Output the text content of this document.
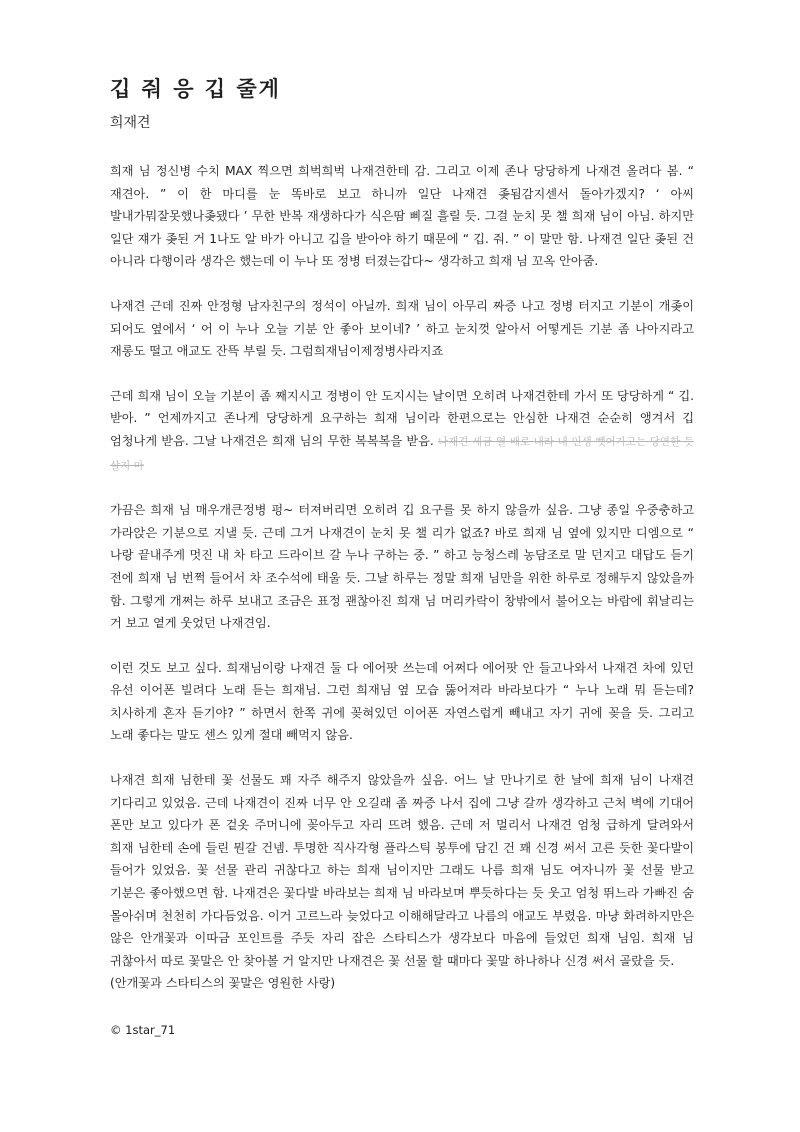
깁 줘 응 깁 줄게
희재견

희재 님 정신병 수치 MAX 찍으면 희벅희벅 나재견한테 감. 그리고 이제 존나 당당하게 나재견 올려다 봄. “ 재견아. ” 이 한 마디를 눈 똑바로 보고 하니까 일단 나재견 좆됨감지센서 돌아가겠지? ‘ 아씨 발내가뭐잘못했나좆됐다 ’ 무한 반복 재생하다가 식은땀 삐질 흘릴 듯. 그걸 눈치 못 챌 희재 님이 아님. 하지만 일단 쟤가 좆된 거 1나도 알 바가 아니고 깁을 받아야 하기 때문에 “ 깁. 줘. ” 이 말만 함. 나재견 일단 좆된 건 아니라 다행이라 생각은 했는데 이 누나 또 정병 터졌는갑다~ 생각하고 희재 님 꼬옥 안아줌.

나재견 근데 진짜 안정형 남자친구의 정석이 아닐까. 희재 님이 아무리 짜증 나고 정병 터지고 기분이 개좆이 되어도 옆에서 ‘ 어 이 누나 오늘 기분 안 좋아 보이네? ’ 하고 눈치껏 알아서 어떻게든 기분 좀 나아지라고 재롱도 떨고 애교도 잔뜩 부릴 듯. 그럼희재님이제정병사라지죠

근데 희재 님이 오늘 기분이 좀 째지시고 정병이 안 도지시는 날이면 오히려 나재견한테 가서 또 당당하게 “ 깁. 받아. ” 언제까지고 존나게 당당하게 요구하는 희재 님이라 한편으로는 안심한 나재견 순순히 앵겨서 깁 엄청나게 받음. 그날 나재견은 희재 님의 무한 복복복을 받음. 나재견 세금 열 배로 내라 내 인생 뺏어가고는 당연한 듯 살지 마

가끔은 희재 님 매우개큰정병 펑~ 터져버리면 오히려 깁 요구를 못 하지 않을까 싶음. 그냥 종일 우중충하고 가라앉은 기분으로 지낼 듯. 근데 그거 나재견이 눈치 못 챌 리가 없죠? 바로 희재 님 옆에 있지만 디엠으로 “ 나랑 끝내주게 멋진 내 차 타고 드라이브 갈 누나 구하는 중. ” 하고 능청스레 농담조로 말 던지고 대답도 듣기 전에 희재 님 번쩍 들어서 차 조수석에 태울 듯. 그날 하루는 정말 희재 님만을 위한 하루로 정해두지 않았을까 함. 그렇게 개쩌는 하루 보내고 조금은 표정 괜찮아진 희재 님 머리카락이 창밖에서 불어오는 바람에 휘날리는 거 보고 옅게 웃었던 나재견임.

이런 것도 보고 싶다. 희재님이랑 나재견 둘 다 에어팟 쓰는데 어쩌다 에어팟 안 들고나와서 나재견 차에 있던 유선 이어폰 빌려다 노래 듣는 희재님. 그런 희재님 옆 모습 뚫어져라 바라보다가 “ 누나 노래 뭐 듣는데? 치사하게 혼자 듣기야? ” 하면서 한쪽 귀에 꽂혀있던 이어폰 자연스럽게 빼내고 자기 귀에 꽂을 듯. 그리고 노래 좋다는 말도 센스 있게 절대 빼먹지 않음.

나재견 희재 님한테 꽃 선물도 꽤 자주 해주지 않았을까 싶음. 어느 날 만나기로 한 날에 희재 님이 나재견 기다리고 있었음. 근데 나재견이 진짜 너무 안 오길래 좀 짜증 나서 집에 그냥 갈까 생각하고 근처 벽에 기대어 폰만 보고 있다가 폰 겉옷 주머니에 꽂아두고 자리 뜨려 했음. 근데 저 멀리서 나재견 엄청 급하게 달려와서 희재 님한테 손에 들린 뭔갈 건넴. 투명한 직사각형 플라스틱 봉투에 담긴 건 꽤 신경 써서 고른 듯한 꽃다발이 들어가 있었음. 꽃 선물 관리 귀찮다고 하는 희재 님이지만 그래도 나름 희재 님도 여자니까 꽃 선물 받고 기분은 좋아했으면 함. 나재견은 꽃다발 바라보는 희재 님 바라보며 뿌듯하다는 듯 웃고 엄청 뛰느라 가빠진 숨 몰아쉬며 천천히 가다듬었음. 이거 고르느라 늦었다고 이해해달라고 나름의 애교도 부렸음. 마냥 화려하지만은 않은 안개꽃과 이따금 포인트를 주듯 자리 잡은 스타티스가 생각보다 마음에 들었던 희재 님임. 희재 님 귀찮아서 따로 꽃말은 안 찾아볼 거 알지만 나재견은 꽃 선물 할 때마다 꽃말 하나하나 신경 써서 골랐을 듯.
(안개꽃과 스타티스의 꽃말은 영원한 사랑)

© 1star_71
